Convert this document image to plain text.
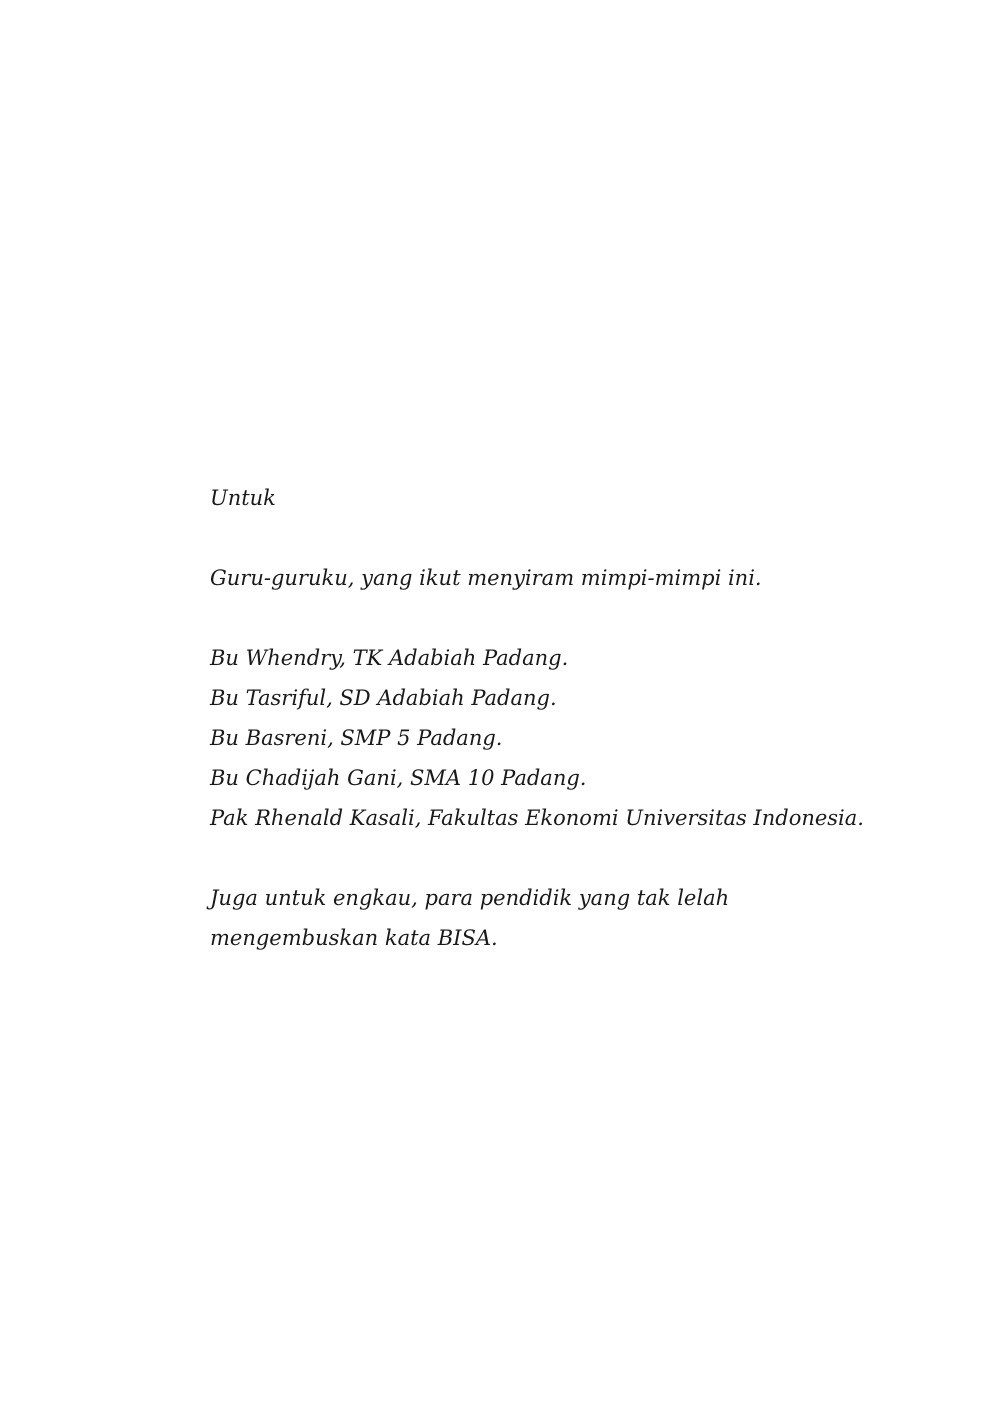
Untuk
Guru-guruku, yang ikut menyiram mimpi-mimpi ini.
Bu Whendry, TK Adabiah Padang.
Bu Tasriful, SD Adabiah Padang.
Bu Basreni, SMP 5 Padang.
Bu Chadijah Gani, SMA 10 Padang.
Pak Rhenald Kasali, Fakultas Ekonomi Universitas Indonesia.
Juga untuk engkau, para pendidik yang tak lelah
mengembuskan kata BISA.
